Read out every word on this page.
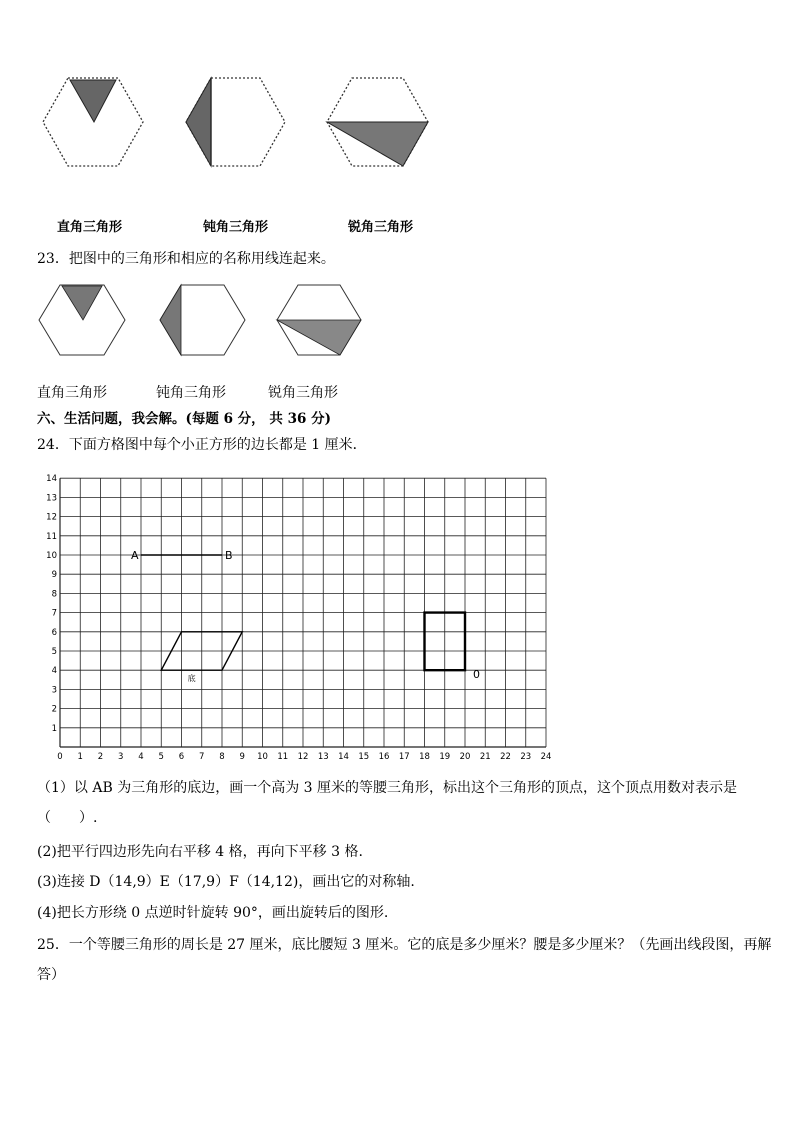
直角三角形	钝角三角形	锐角三角形
23．把图中的三角形和相应的名称用线连起来。
直角三角形	钝角三角形	锐角三角形
六、生活问题，我会解。(每题 6 分， 共 36 分)
24．下面方格图中每个小正方形的边长都是 1 厘米．
0 1 2 3 4 5 6 7 8 9 10 11 12 13 14 15 16 17 18 19 20 21 22 23 24
1
2
3
4
5
6
7
8
9
10
11
12
13
14
A	B
底	0
（1）以 AB 为三角形的底边，画一个高为 3 厘米的等腰三角形，标出这个三角形的顶点，这个顶点用数对表示是
（　　）.
(2)把平行四边形先向右平移 4 格，再向下平移 3 格.
(3)连接 D（14,9）E（17,9）F（14,12)，画出它的对称轴.
(4)把长方形绕 0 点逆时针旋转 90°，画出旋转后的图形.
25．一个等腰三角形的周长是 27 厘米，底比腰短 3 厘米。它的底是多少厘米？腰是多少厘米？（先画出线段图，再解
答）
